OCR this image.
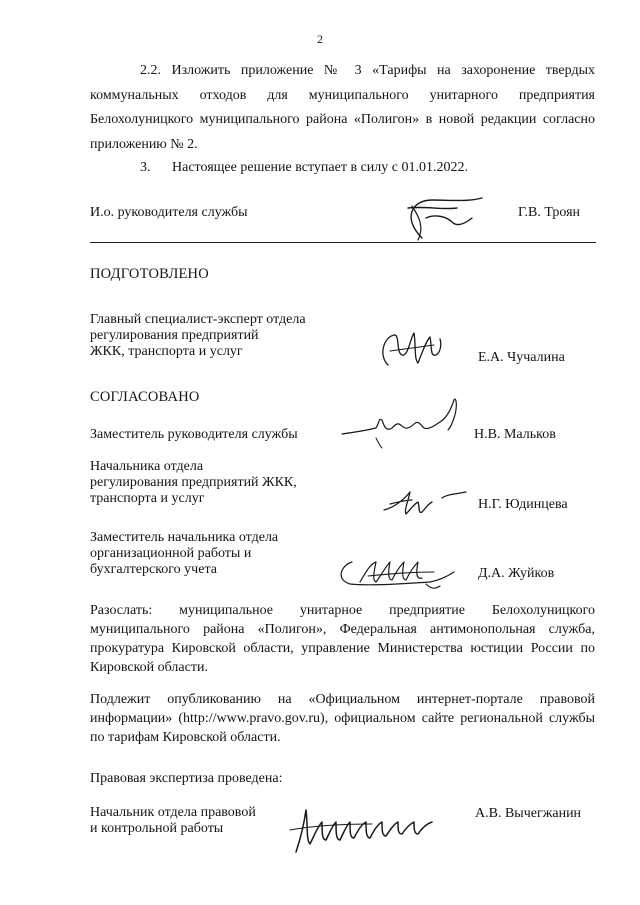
2
2.2. Изложить приложение № 3 «Тарифы на захоронение твердых коммунальных отходов для муниципального унитарного предприятия Белохолуницкого муниципального района «Полигон» в новой редакции согласно приложению № 2.
3. Настоящее решение вступает в силу с 01.01.2022.
И.о. руководителя службы	Г.В. Троян
ПОДГОТОВЛЕНО
Главный специалист-эксперт отдела
регулирования предприятий
ЖКК, транспорта и услуг	Е.А. Чучалина
СОГЛАСОВАНО
Заместитель руководителя службы	Н.В. Мальков
Начальника отдела
регулирования предприятий ЖКК,
транспорта и услуг	Н.Г. Юдинцева
Заместитель начальника отдела
организационной работы и
бухгалтерского учета	Д.А. Жуйков
Разослать: муниципальное унитарное предприятие Белохолуницкого муниципального района «Полигон», Федеральная антимонопольная служба, прокуратура Кировской области, управление Министерства юстиции России по Кировской области.
Подлежит опубликованию на «Официальном интернет-портале правовой информации» (http://www.pravo.gov.ru), официальном сайте региональной службы по тарифам Кировской области.
Правовая экспертиза проведена:
Начальник отдела правовой
и контрольной работы
А.В. Вычегжанин
